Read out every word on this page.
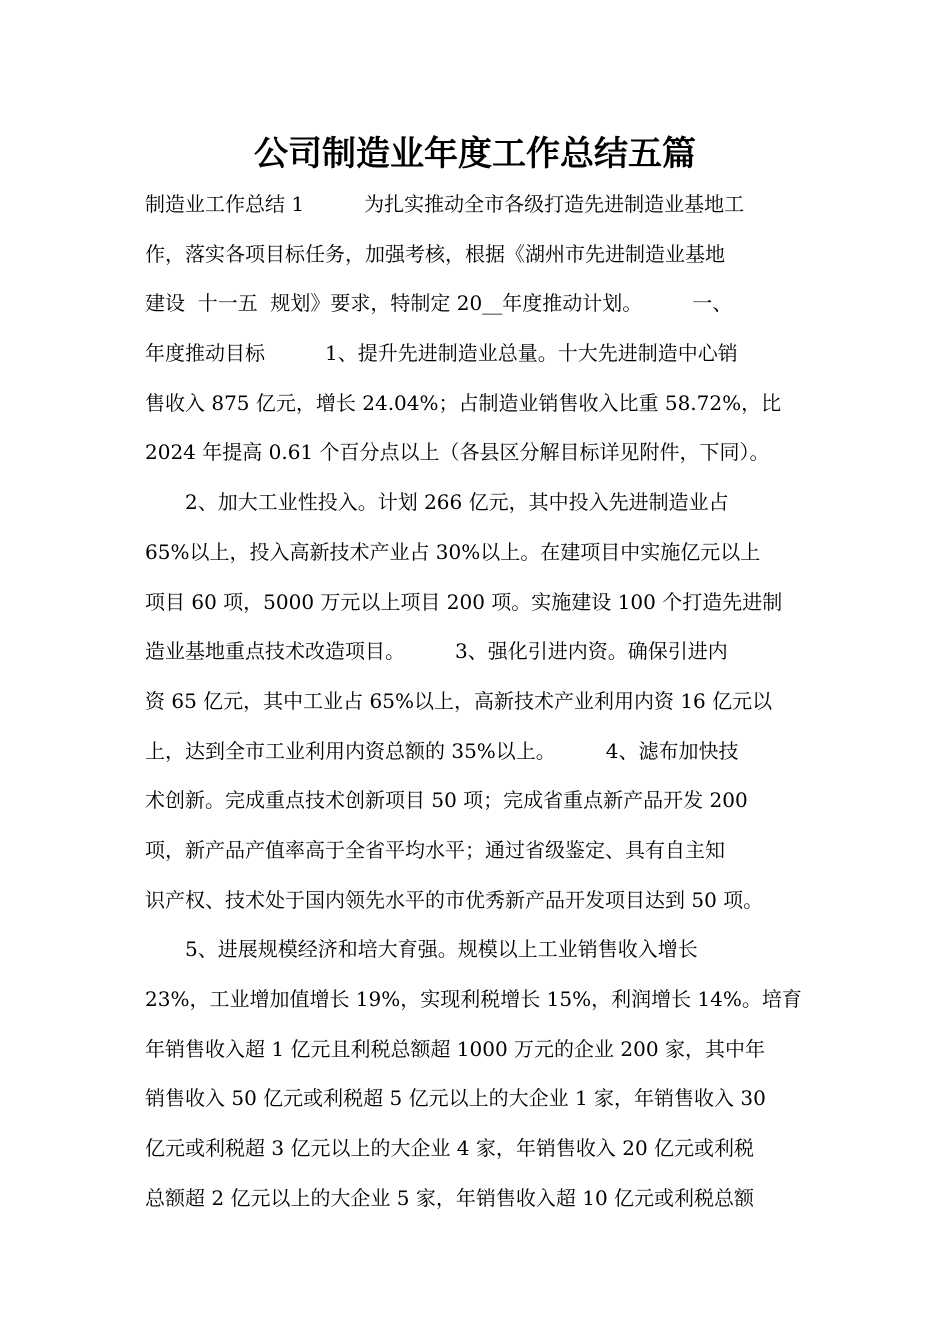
公司制造业年度工作总结五篇
制造业工作总结 1　　　为扎实推动全市各级打造先进制造业基地工
作，落实各项目标任务，加强考核，根据《湖州市先进制造业基地
建设  十一五  规划》要求，特制定 20__年度推动计划。　　　一、
年度推动目标　　　1、提升先进制造业总量。十大先进制造中心销
售收入 875 亿元，增长 24.04%；占制造业销售收入比重 58.72%，比
2024 年提高 0.61 个百分点以上（各县区分解目标详见附件，下同）。
　　2、加大工业性投入。计划 266 亿元，其中投入先进制造业占
65%以上，投入高新技术产业占 30%以上。在建项目中实施亿元以上
项目 60 项，5000 万元以上项目 200 项。实施建设 100 个打造先进制
造业基地重点技术改造项目。　　　3、强化引进内资。确保引进内
资 65 亿元，其中工业占 65%以上，高新技术产业利用内资 16 亿元以
上，达到全市工业利用内资总额的 35%以上。　　　4、滤布加快技
术创新。完成重点技术创新项目 50 项；完成省重点新产品开发 200
项，新产品产值率高于全省平均水平；通过省级鉴定、具有自主知
识产权、技术处于国内领先水平的市优秀新产品开发项目达到 50 项。
　　5、进展规模经济和培大育强。规模以上工业销售收入增长
23%，工业增加值增长 19%，实现利税增长 15%，利润增长 14%。培育
年销售收入超 1 亿元且利税总额超 1000 万元的企业 200 家，其中年
销售收入 50 亿元或利税超 5 亿元以上的大企业 1 家，年销售收入 30
亿元或利税超 3 亿元以上的大企业 4 家，年销售收入 20 亿元或利税
总额超 2 亿元以上的大企业 5 家，年销售收入超 10 亿元或利税总额
